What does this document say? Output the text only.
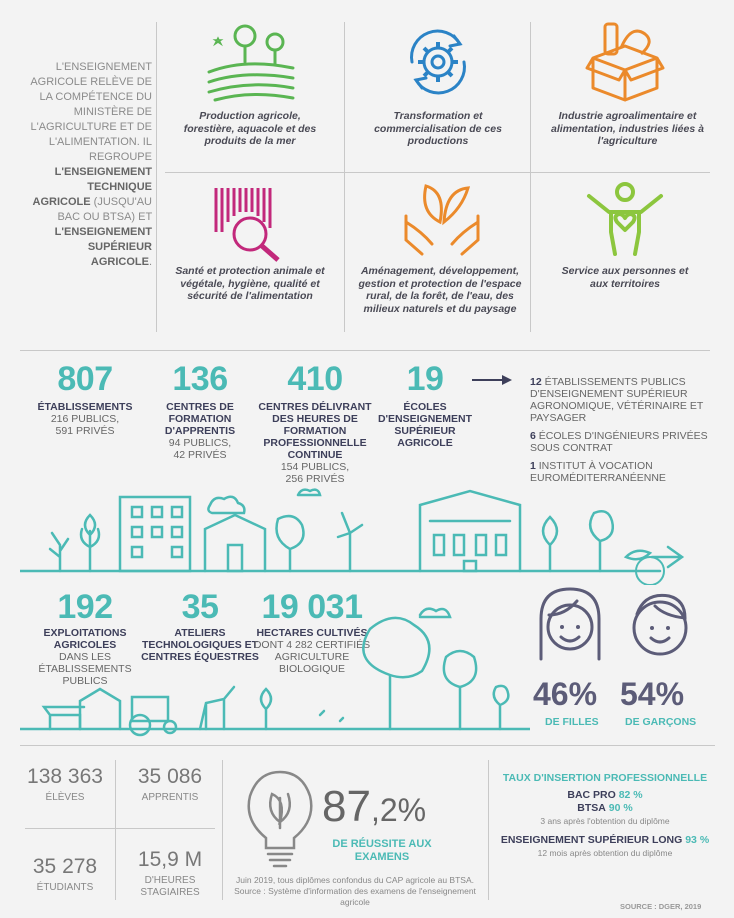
L'ENSEIGNEMENT AGRICOLE RELÈVE DE LA COMPÉTENCE DU MINISTÈRE DE L'AGRICULTURE ET DE L'ALIMENTATION. IL REGROUPE L'ENSEIGNEMENT TECHNIQUE AGRICOLE (JUSQU'AU BAC OU BTSA) ET L'ENSEIGNEMENT SUPÉRIEUR AGRICOLE.
Production agricole, forestière, aquacole et des produits de la mer
Transformation et commercialisation de ces productions
Industrie agroalimentaire et alimentation, industries liées à l'agriculture
Santé et protection animale et végétale, hygiène, qualité et sécurité de l'alimentation
Aménagement, développement, gestion et protection de l'espace rural, de la forêt, de l'eau, des milieux naturels et du paysage
Service aux personnes et aux territoires
807
ÉTABLISSEMENTS
216 PUBLICS,
591 PRIVÉS
136
CENTRES DE FORMATION D'APPRENTIS
94 PUBLICS,
42 PRIVÉS
410
CENTRES DÉLIVRANT DES HEURES DE FORMATION PROFESSIONNELLE CONTINUE
154 PUBLICS,
256 PRIVÉS
19
ÉCOLES D'ENSEIGNEMENT SUPÉRIEUR AGRICOLE

12 ÉTABLISSEMENTS PUBLICS D'ENSEIGNEMENT SUPÉRIEUR AGRONOMIQUE, VÉTÉRINAIRE ET PAYSAGER

6 ÉCOLES D'INGÉNIEURS PRIVÉES SOUS CONTRAT

1 INSTITUT À VOCATION EUROMÉDITERRANÉENNE

192
EXPLOITATIONS AGRICOLES
DANS LES ÉTABLISSEMENTS PUBLICS
35
ATELIERS TECHNOLOGIQUES ET CENTRES ÉQUESTRES
19 031
HECTARES CULTIVÉS
DONT 4 282 CERTIFIÉS AGRICULTURE BIOLOGIQUE
46%
DE FILLES
54%
DE GARÇONS
138 363
ÉLÈVES
35 086
APPRENTIS
35 278
ÉTUDIANTS
15,9 M
D'HEURES STAGIAIRES
87,2%
DE RÉUSSITE AUX EXAMENS
Juin 2019, tous diplômes confondus du CAP agricole au BTSA.
Source : Système d'information des examens de l'enseignement agricole
TAUX D'INSERTION PROFESSIONNELLE
BAC PRO 82 %
BTSA 90 %
3 ans après l'obtention du diplôme
ENSEIGNEMENT SUPÉRIEUR LONG 93 %
12 mois après obtention du diplôme
SOURCE : DGER, 2019
